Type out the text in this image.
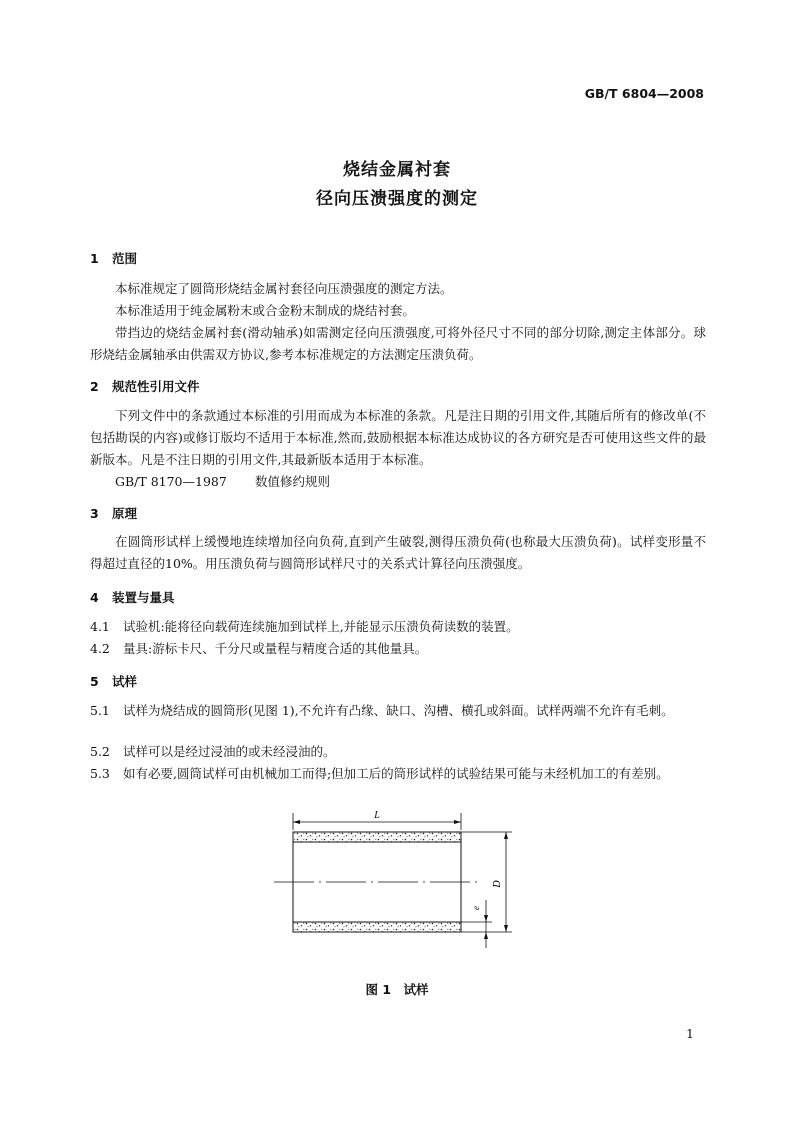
GB/T 6804—2008
烧结金属衬套
径向压溃强度的测定
1 范围
本标准规定了圆筒形烧结金属衬套径向压溃强度的测定方法。
本标准适用于纯金属粉末或合金粉末制成的烧结衬套。
带挡边的烧结金属衬套(滑动轴承)如需测定径向压溃强度,可将外径尺寸不同的部分切除,测定主体部分。球形烧结金属轴承由供需双方协议,参考本标准规定的方法测定压溃负荷。
2 规范性引用文件
下列文件中的条款通过本标准的引用而成为本标准的条款。凡是注日期的引用文件,其随后所有的修改单(不包括勘误的内容)或修订版均不适用于本标准,然而,鼓励根据本标准达成协议的各方研究是否可使用这些文件的最新版本。凡是不注日期的引用文件,其最新版本适用于本标准。
GB/T 8170—1987 数值修约规则
3 原理
在圆筒形试样上缓慢地连续增加径向负荷,直到产生破裂,测得压溃负荷(也称最大压溃负荷)。试样变形量不得超过直径的10%。用压溃负荷与圆筒形试样尺寸的关系式计算径向压溃强度。
4 装置与量具
4.1 试验机:能将径向载荷连续施加到试样上,并能显示压溃负荷读数的装置。
4.2 量具:游标卡尺、千分尺或量程与精度合适的其他量具。
5 试样
5.1 试样为烧结成的圆筒形(见图 1),不允许有凸缘、缺口、沟槽、横孔或斜面。试样两端不允许有毛刺。
5.2 试样可以是经过浸油的或未经浸油的。
5.3 如有必要,圆筒试样可由机械加工而得;但加工后的筒形试样的试验结果可能与未经机加工的有差别。
L
D
e
图 1　试样
1
